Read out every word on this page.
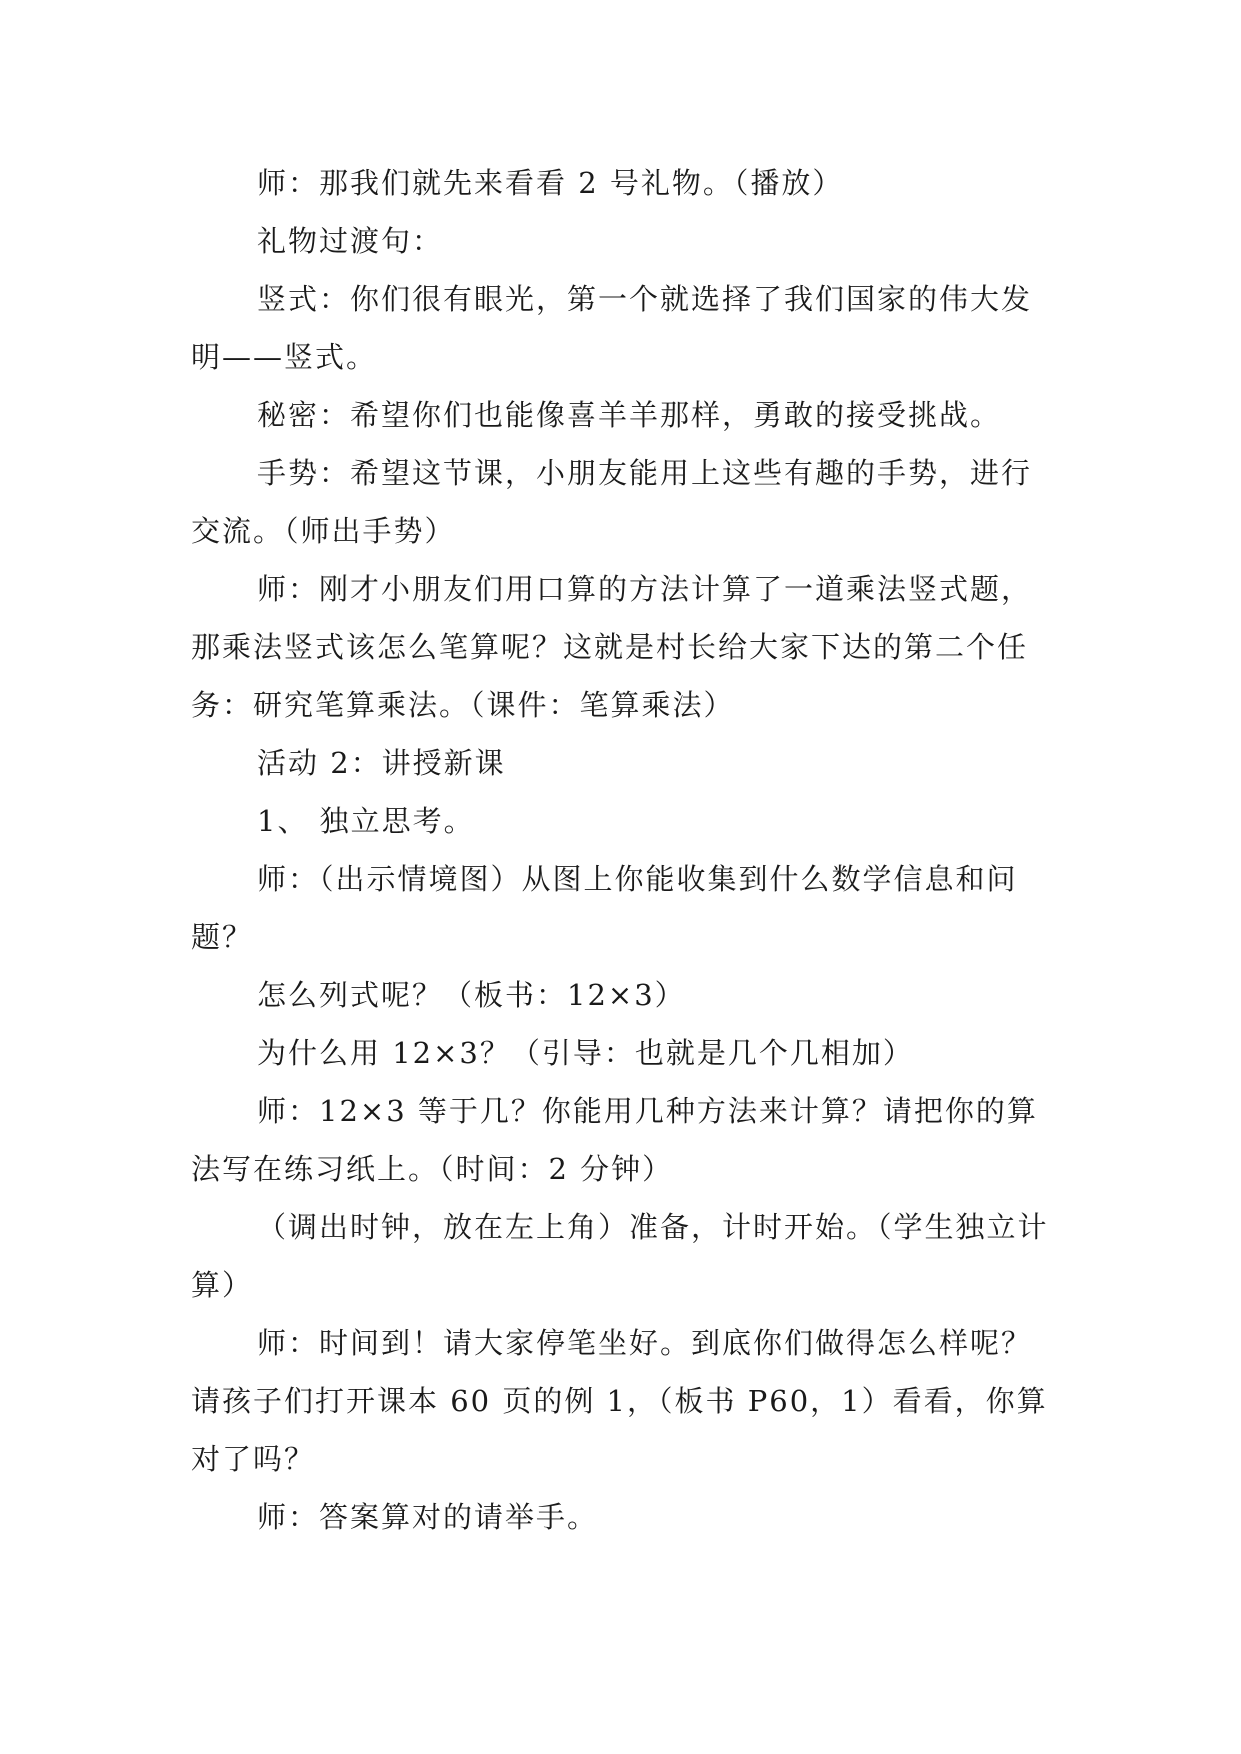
师：那我们就先来看看 2 号礼物。（播放）

礼物过渡句：

竖式：你们很有眼光，第一个就选择了我们国家的伟大发明——竖式。

秘密：希望你们也能像喜羊羊那样，勇敢的接受挑战。

手势：希望这节课，小朋友能用上这些有趣的手势，进行交流。（师出手势）

师：刚才小朋友们用口算的方法计算了一道乘法竖式题，那乘法竖式该怎么笔算呢？这就是村长给大家下达的第二个任务：研究笔算乘法。（课件：笔算乘法）

活动 2：讲授新课

1、 独立思考。

师：（出示情境图）从图上你能收集到什么数学信息和问题？

怎么列式呢？（板书：12×3）

为什么用 12×3？（引导：也就是几个几相加）

师：12×3 等于几？你能用几种方法来计算？请把你的算法写在练习纸上。（时间：2 分钟）

（调出时钟，放在左上角）准备，计时开始。（学生独立计算）

师：时间到！请大家停笔坐好。到底你们做得怎么样呢？请孩子们打开课本 60 页的例 1，（板书 P60，1）看看，你算对了吗？

师：答案算对的请举手。
